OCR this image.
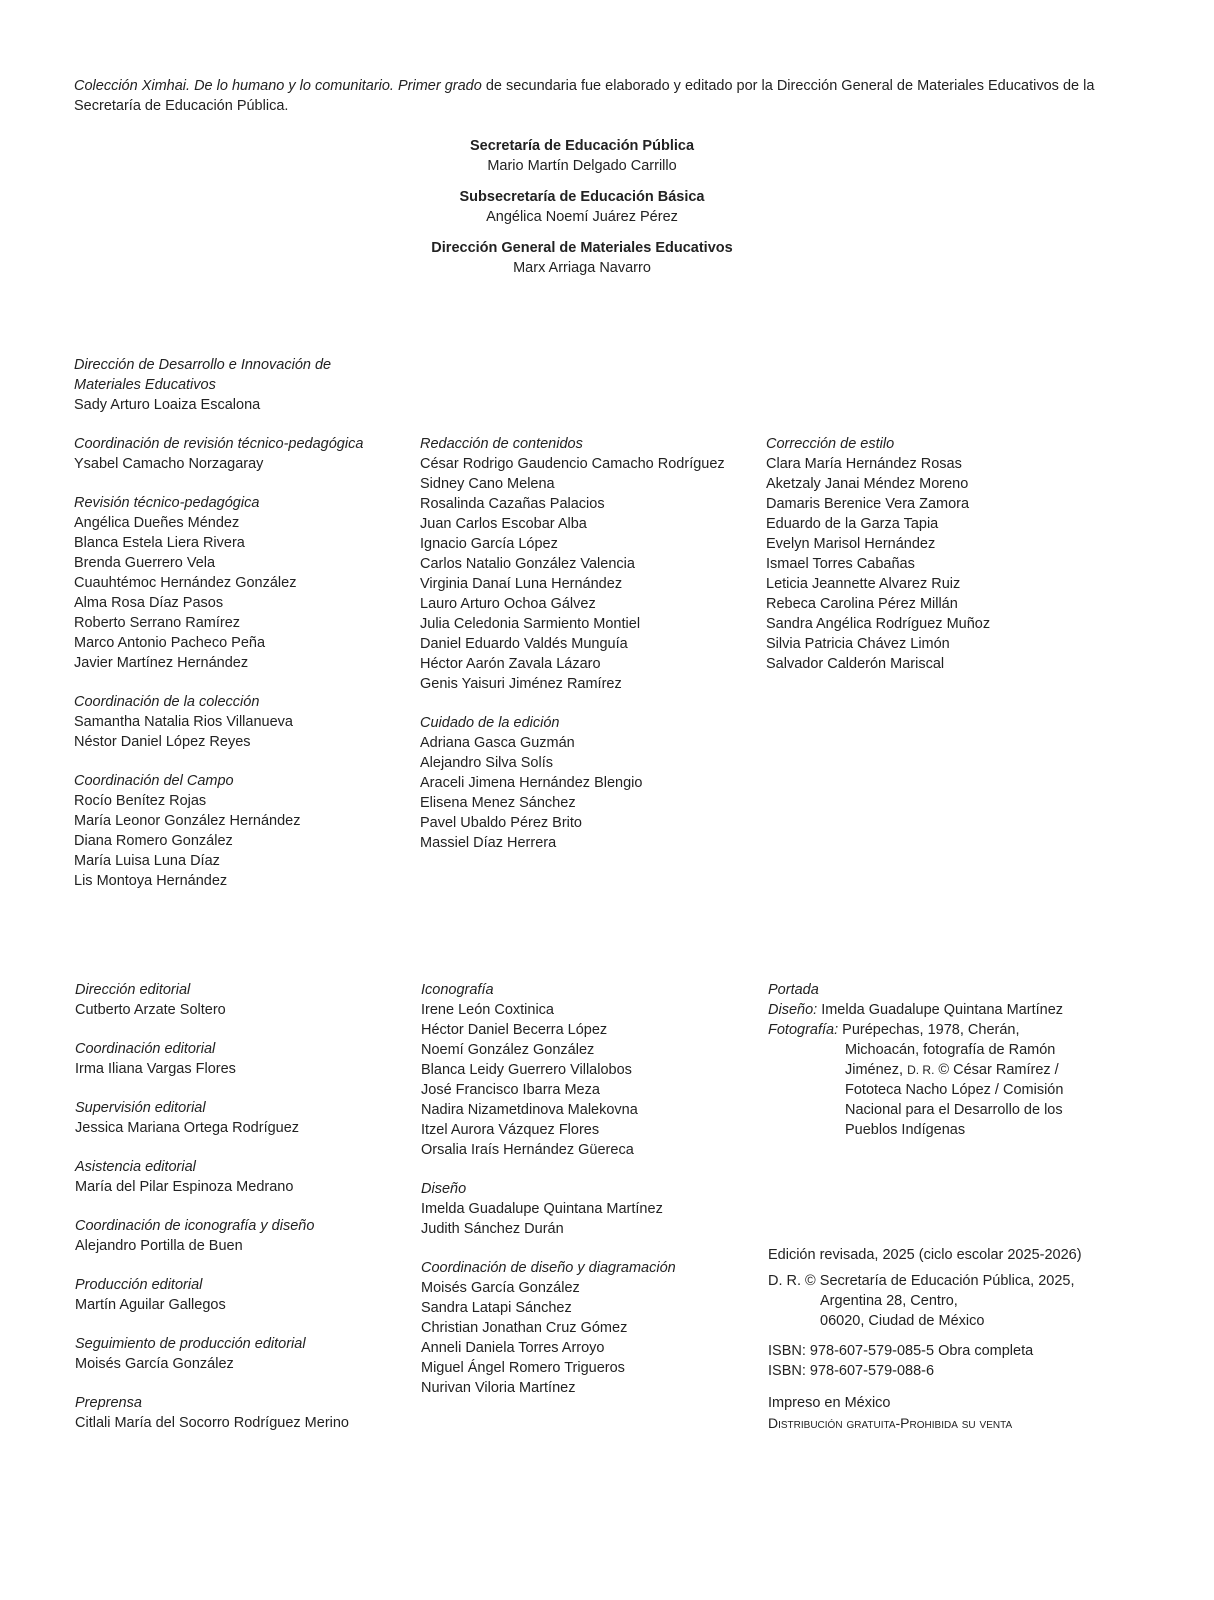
Colección Ximhai. De lo humano y lo comunitario. Primer grado de secundaria fue elaborado y editado por la Dirección General de Materiales Educativos de la Secretaría de Educación Pública.
Secretaría de Educación Pública
Mario Martín Delgado Carrillo
Subsecretaría de Educación Básica
Angélica Noemí Juárez Pérez
Dirección General de Materiales Educativos
Marx Arriaga Navarro
Dirección de Desarrollo e Innovación de
Materiales Educativos
Sady Arturo Loaiza Escalona
Coordinación de revisión técnico-pedagógica
Ysabel Camacho Norzagaray
Revisión técnico-pedagógica
Angélica Dueñes Méndez
Blanca Estela Liera Rivera
Brenda Guerrero Vela
Cuauhtémoc Hernández González
Alma Rosa Díaz Pasos
Roberto Serrano Ramírez
Marco Antonio Pacheco Peña
Javier Martínez Hernández
Coordinación de la colección
Samantha Natalia Rios Villanueva
Néstor Daniel López Reyes
Coordinación del Campo
Rocío Benítez Rojas
María Leonor González Hernández
Diana Romero González
María Luisa Luna Díaz
Lis Montoya Hernández
Redacción de contenidos
César Rodrigo Gaudencio Camacho Rodríguez
Sidney Cano Melena
Rosalinda Cazañas Palacios
Juan Carlos Escobar Alba
Ignacio García López
Carlos Natalio González Valencia
Virginia Danaí Luna Hernández
Lauro Arturo Ochoa Gálvez
Julia Celedonia Sarmiento Montiel
Daniel Eduardo Valdés Munguía
Héctor Aarón Zavala Lázaro
Genis Yaisuri Jiménez Ramírez
Cuidado de la edición
Adriana Gasca Guzmán
Alejandro Silva Solís
Araceli Jimena Hernández Blengio
Elisena Menez Sánchez
Pavel Ubaldo Pérez Brito
Massiel Díaz Herrera
Corrección de estilo
Clara María Hernández Rosas
Aketzaly Janai Méndez Moreno
Damaris Berenice Vera Zamora
Eduardo de la Garza Tapia
Evelyn Marisol Hernández
Ismael Torres Cabañas
Leticia Jeannette Alvarez Ruiz
Rebeca Carolina Pérez Millán
Sandra Angélica Rodríguez Muñoz
Silvia Patricia Chávez Limón
Salvador Calderón Mariscal
Dirección editorial
Cutberto Arzate Soltero
Coordinación editorial
Irma Iliana Vargas Flores
Supervisión editorial
Jessica Mariana Ortega Rodríguez
Asistencia editorial
María del Pilar Espinoza Medrano
Coordinación de iconografía y diseño
Alejandro Portilla de Buen
Producción editorial
Martín Aguilar Gallegos
Seguimiento de producción editorial
Moisés García González
Preprensa
Citlali María del Socorro Rodríguez Merino
Iconografía
Irene León Coxtinica
Héctor Daniel Becerra López
Noemí González González
Blanca Leidy Guerrero Villalobos
José Francisco Ibarra Meza
Nadira Nizametdinova Malekovna
Itzel Aurora Vázquez Flores
Orsalia Iraís Hernández Güereca
Diseño
Imelda Guadalupe Quintana Martínez
Judith Sánchez Durán
Coordinación de diseño y diagramación
Moisés García González
Sandra Latapi Sánchez
Christian Jonathan Cruz Gómez
Anneli Daniela Torres Arroyo
Miguel Ángel Romero Trigueros
Nurivan Viloria Martínez
Portada
Diseño: Imelda Guadalupe Quintana Martínez
Fotografía: Purépechas, 1978, Cherán,
Michoacán, fotografía de Ramón
Jiménez, D. R. © César Ramírez /
Fototeca Nacho López / Comisión
Nacional para el Desarrollo de los
Pueblos Indígenas

Edición revisada, 2025 (ciclo escolar 2025-2026)

D. R. © Secretaría de Educación Pública, 2025,

Argentina 28, Centro,

06020, Ciudad de México

ISBN: 978-607-579-085-5 Obra completa

ISBN: 978-607-579-088-6

Impreso en México

Distribución gratuita-Prohibida su venta
